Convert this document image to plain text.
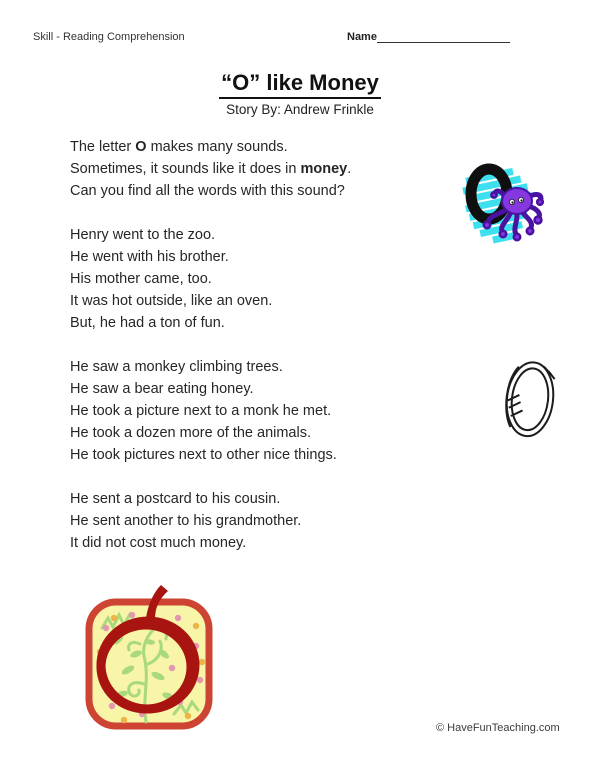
Skill - Reading Comprehension	Name
“O” like Money
Story By: Andrew Frinkle

The letter O makes many sounds.
Sometimes, it sounds like it does in money.
Can you find all the words with this sound?

Henry went to the zoo.
He went with his brother.
His mother came, too.
It was hot outside, like an oven.
But, he had a ton of fun.

He saw a monkey climbing trees.
He saw a bear eating honey.
He took a picture next to a monk he met.
He took a dozen more of the animals.
He took pictures next to other nice things.

He sent a postcard to his cousin.
He sent another to his grandmother.
It did not cost much money.

© HaveFunTeaching.com
